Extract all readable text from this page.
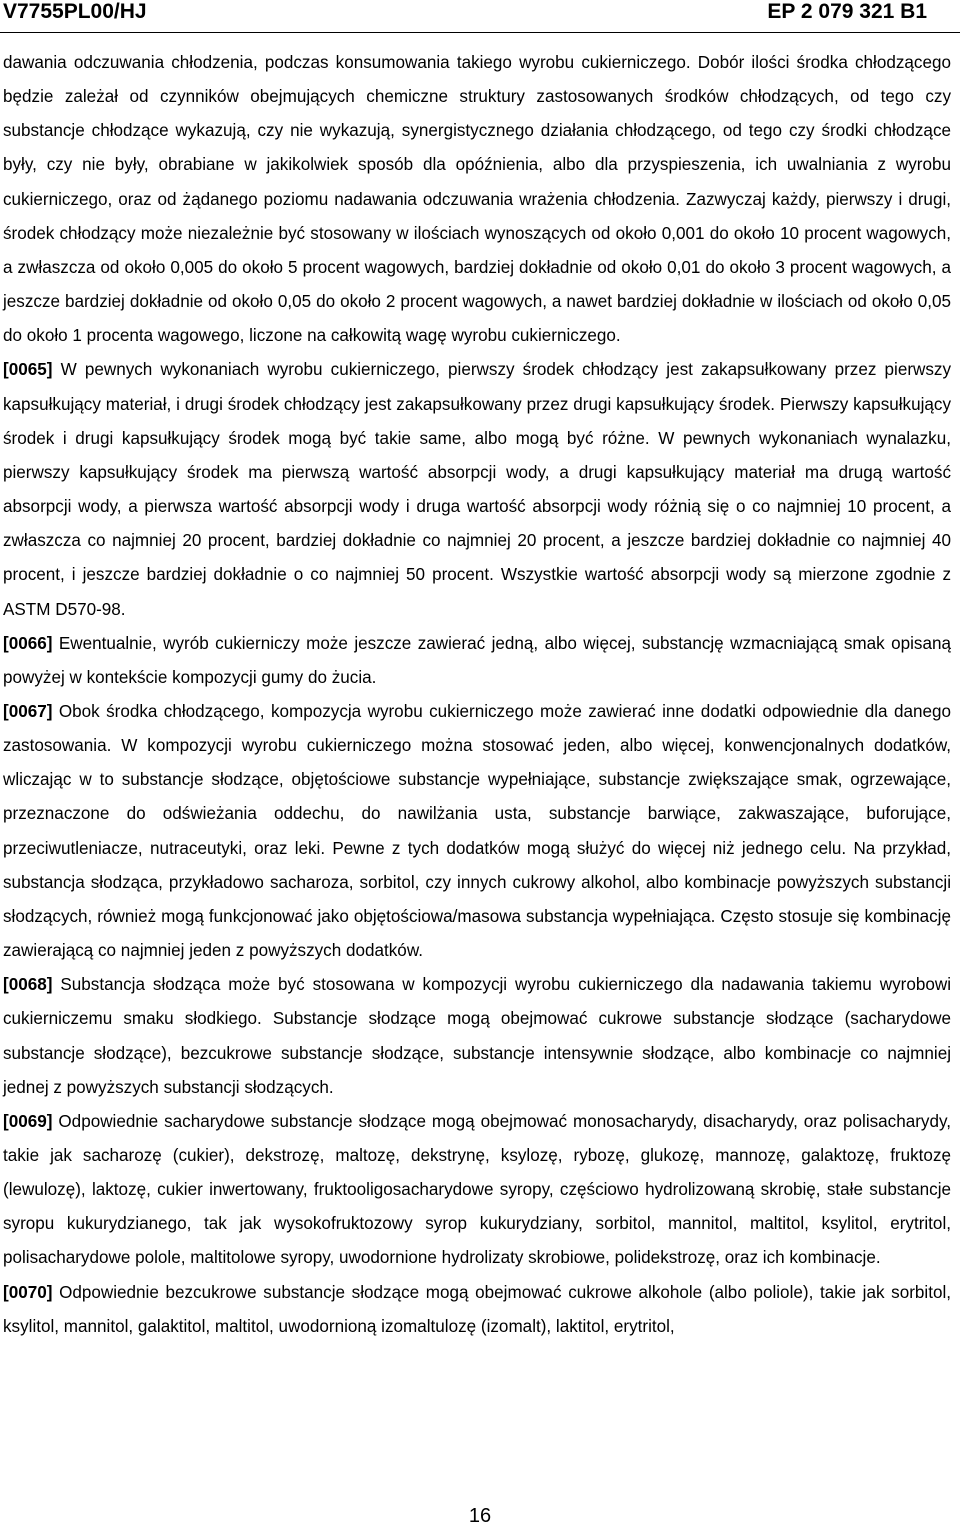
V7755PL00/HJ	EP 2 079 321 B1

dawania odczuwania chłodzenia, podczas konsumowania takiego wyrobu cukierniczego. Dobór ilości środka chłodzącego będzie zależał od czynników obejmujących chemiczne struktury zastosowanych środków chłodzących, od tego czy substancje chłodzące wykazują, czy nie wykazują, synergistycznego działania chłodzącego, od tego czy środki chłodzące były, czy nie były, obrabiane w jakikolwiek sposób dla opóźnienia, albo dla przyspieszenia, ich uwalniania z wyrobu cukierniczego, oraz od żądanego poziomu nadawania odczuwania wrażenia chłodzenia. Zazwyczaj każdy, pierwszy i drugi, środek chłodzący może niezależnie być stosowany w ilościach wynoszących od około 0,001 do około 10 procent wagowych, a zwłaszcza od około 0,005 do około 5 procent wagowych, bardziej dokładnie od około 0,01 do około 3 procent wagowych, a jeszcze bardziej dokładnie od około 0,05 do około 2 procent wagowych, a nawet bardziej dokładnie w ilościach od około 0,05 do około 1 procenta wagowego, liczone na całkowitą wagę wyrobu cukierniczego.

[0065] W pewnych wykonaniach wyrobu cukierniczego, pierwszy środek chłodzący jest zakapsułkowany przez pierwszy kapsułkujący materiał, i drugi środek chłodzący jest zakapsułkowany przez drugi kapsułkujący środek. Pierwszy kapsułkujący środek i drugi kapsułkujący środek mogą być takie same, albo mogą być różne. W pewnych wykonaniach wynalazku, pierwszy kapsułkujący środek ma pierwszą wartość absorpcji wody, a drugi kapsułkujący materiał ma drugą wartość absorpcji wody, a pierwsza wartość absorpcji wody i druga wartość absorpcji wody różnią się o co najmniej 10 procent, a zwłaszcza co najmniej 20 procent, bardziej dokładnie co najmniej 20 procent, a jeszcze bardziej dokładnie co najmniej 40 procent, i jeszcze bardziej dokładnie o co najmniej 50 procent. Wszystkie wartość absorpcji wody są mierzone zgodnie z ASTM D570-98.

[0066] Ewentualnie, wyrób cukierniczy może jeszcze zawierać jedną, albo więcej, substancję wzmacniającą smak opisaną powyżej w kontekście kompozycji gumy do żucia.

[0067] Obok środka chłodzącego, kompozycja wyrobu cukierniczego może zawierać inne dodatki odpowiednie dla danego zastosowania. W kompozycji wyrobu cukierniczego można stosować jeden, albo więcej, konwencjonalnych dodatków, wliczając w to substancje słodzące, objętościowe substancje wypełniające, substancje zwiększające smak, ogrzewające, przeznaczone do odświeżania oddechu, do nawilżania usta, substancje barwiące, zakwaszające, buforujące, przeciwutleniacze, nutraceutyki, oraz leki. Pewne z tych dodatków mogą służyć do więcej niż jednego celu. Na przykład, substancja słodząca, przykładowo sacharoza, sorbitol, czy innych cukrowy alkohol, albo kombinacje powyższych substancji słodzących, również mogą funkcjonować jako objętościowa/masowa substancja wypełniająca. Często stosuje się kombinację zawierającą co najmniej jeden z powyższych dodatków.

[0068] Substancja słodząca może być stosowana w kompozycji wyrobu cukierniczego dla nadawania takiemu wyrobowi cukierniczemu smaku słodkiego. Substancje słodzące mogą obejmować cukrowe substancje słodzące (sacharydowe substancje słodzące), bezcukrowe substancje słodzące, substancje intensywnie słodzące, albo kombinacje co najmniej jednej z powyższych substancji słodzących.

[0069] Odpowiednie sacharydowe substancje słodzące mogą obejmować monosacharydy, disacharydy, oraz polisacharydy, takie jak sacharozę (cukier), dekstrozę, maltozę, dekstrynę, ksylozę, rybozę, glukozę, mannozę, galaktozę, fruktozę (lewulozę), laktozę, cukier inwertowany, fruktooligosacharydowe syropy, częściowo hydrolizowaną skrobię, stałe substancje syropu kukurydzianego, tak jak wysokofruktozowy syrop kukurydziany, sorbitol, mannitol, maltitol, ksylitol, erytritol, polisacharydowe polole, maltitolowe syropy, uwodornione hydrolizaty skrobiowe, polidekstrozę, oraz ich kombinacje.

[0070] Odpowiednie bezcukrowe substancje słodzące mogą obejmować cukrowe alkohole (albo poliole), takie jak sorbitol, ksylitol, mannitol, galaktitol, maltitol, uwodornioną izomaltulozę (izomalt), laktitol, erytritol,

16
